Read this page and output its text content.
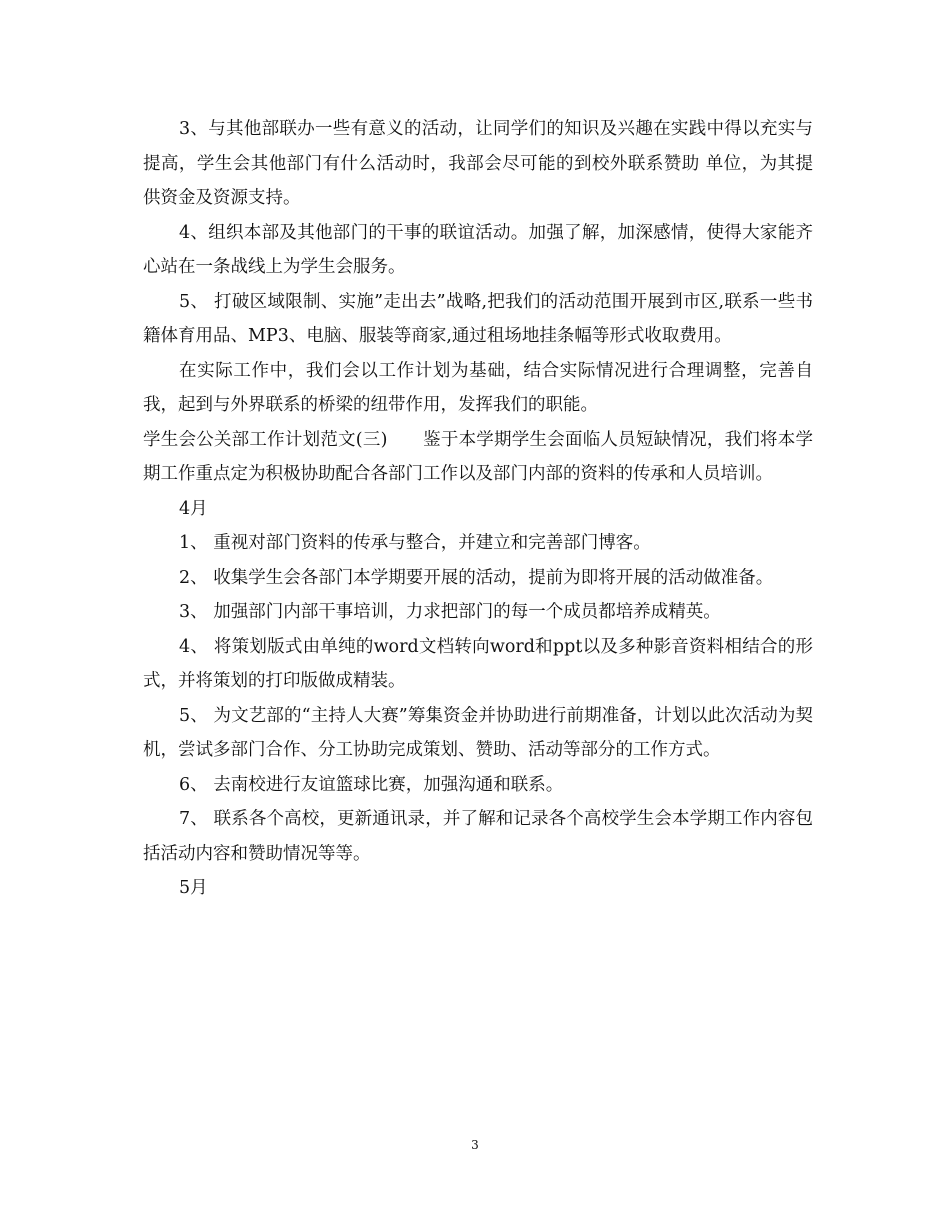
3、与其他部联办一些有意义的活动，让同学们的知识及兴趣在实践中得以充实与提高，学生会其他部门有什么活动时，我部会尽可能的到校外联系赞助 单位，为其提供资金及资源支持。

4、组织本部及其他部门的干事的联谊活动。加强了解，加深感情，使得大家能齐心站在一条战线上为学生会服务。

5、 打破区域限制、实施”走出去”战略,把我们的活动范围开展到市区,联系一些书籍体育用品、MP3、电脑、服装等商家,通过租场地挂条幅等形式收取费用。

在实际工作中，我们会以工作计划为基础，结合实际情况进行合理调整，完善自我，起到与外界联系的桥梁的纽带作用，发挥我们的职能。

学生会公关部工作计划范文(三)　　鉴于本学期学生会面临人员短缺情况，我们将本学期工作重点定为积极协助配合各部门工作以及部门内部的资料的传承和人员培训。

4月

1、 重视对部门资料的传承与整合，并建立和完善部门博客。

2、 收集学生会各部门本学期要开展的活动，提前为即将开展的活动做准备。

3、 加强部门内部干事培训，力求把部门的每一个成员都培养成精英。

4、 将策划版式由单纯的word文档转向word和ppt以及多种影音资料相结合的形式，并将策划的打印版做成精装。

5、 为文艺部的“主持人大赛”筹集资金并协助进行前期准备，计划以此次活动为契机，尝试多部门合作、分工协助完成策划、赞助、活动等部分的工作方式。

6、 去南校进行友谊篮球比赛，加强沟通和联系。

7、 联系各个高校，更新通讯录，并了解和记录各个高校学生会本学期工作内容包括活动内容和赞助情况等等。

5月

3
